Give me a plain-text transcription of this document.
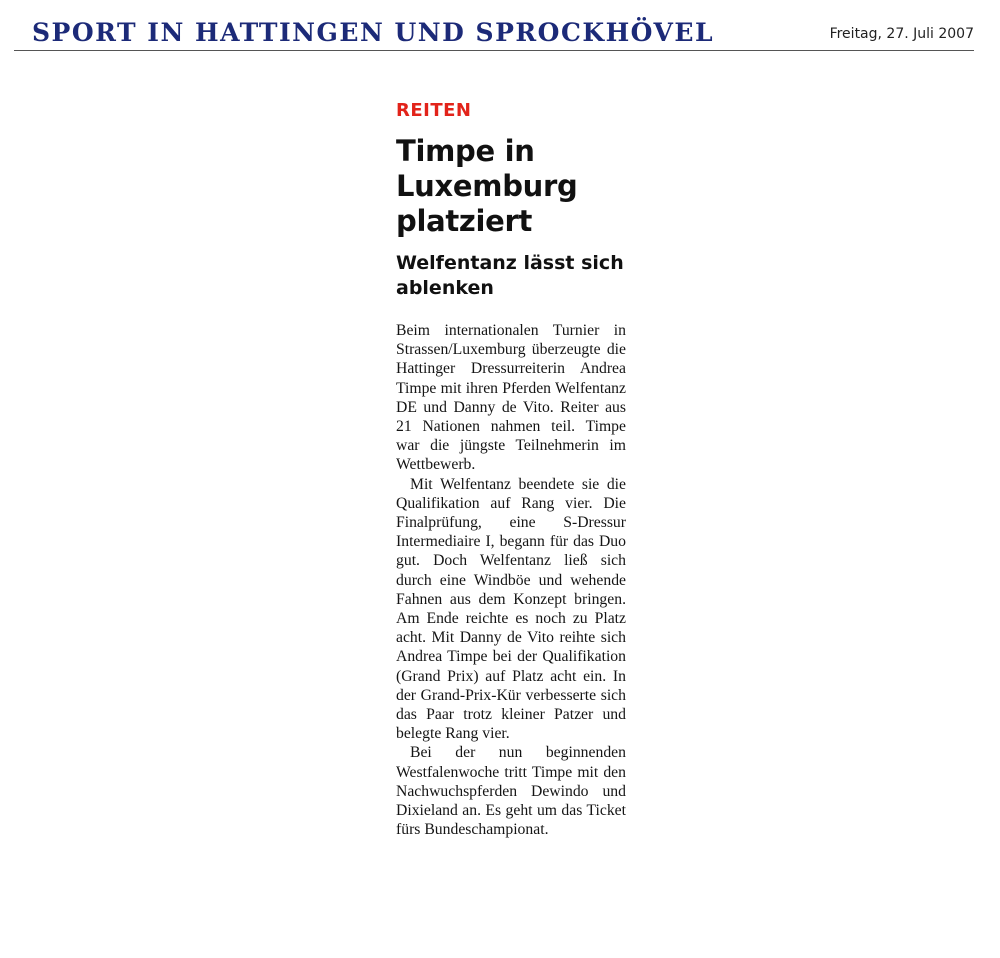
SPORT IN HATTINGEN UND SPROCKHÖVEL	Freitag, 27. Juli 2007
REITEN
Timpe in Luxemburg platziert
Welfentanz lässt sich ablenken

Beim internationalen Turnier in Strassen/Luxemburg überzeugte die Hattinger Dressurreiterin Andrea Timpe mit ihren Pferden Welfentanz DE und Danny de Vito. Reiter aus 21 Nationen nahmen teil. Timpe war die jüngste Teilnehmerin im Wettbewerb.

Mit Welfentanz beendete sie die Qualifikation auf Rang vier. Die Finalprüfung, eine S-Dressur Intermediaire I, begann für das Duo gut. Doch Welfentanz ließ sich durch eine Windböe und wehende Fahnen aus dem Konzept bringen. Am Ende reichte es noch zu Platz acht. Mit Danny de Vito reihte sich Andrea Timpe bei der Qualifikation (Grand Prix) auf Platz acht ein. In der Grand-Prix-Kür verbesserte sich das Paar trotz kleiner Patzer und belegte Rang vier.

Bei der nun beginnenden Westfalenwoche tritt Timpe mit den Nachwuchspferden Dewindo und Dixieland an. Es geht um das Ticket fürs Bundeschampionat.
